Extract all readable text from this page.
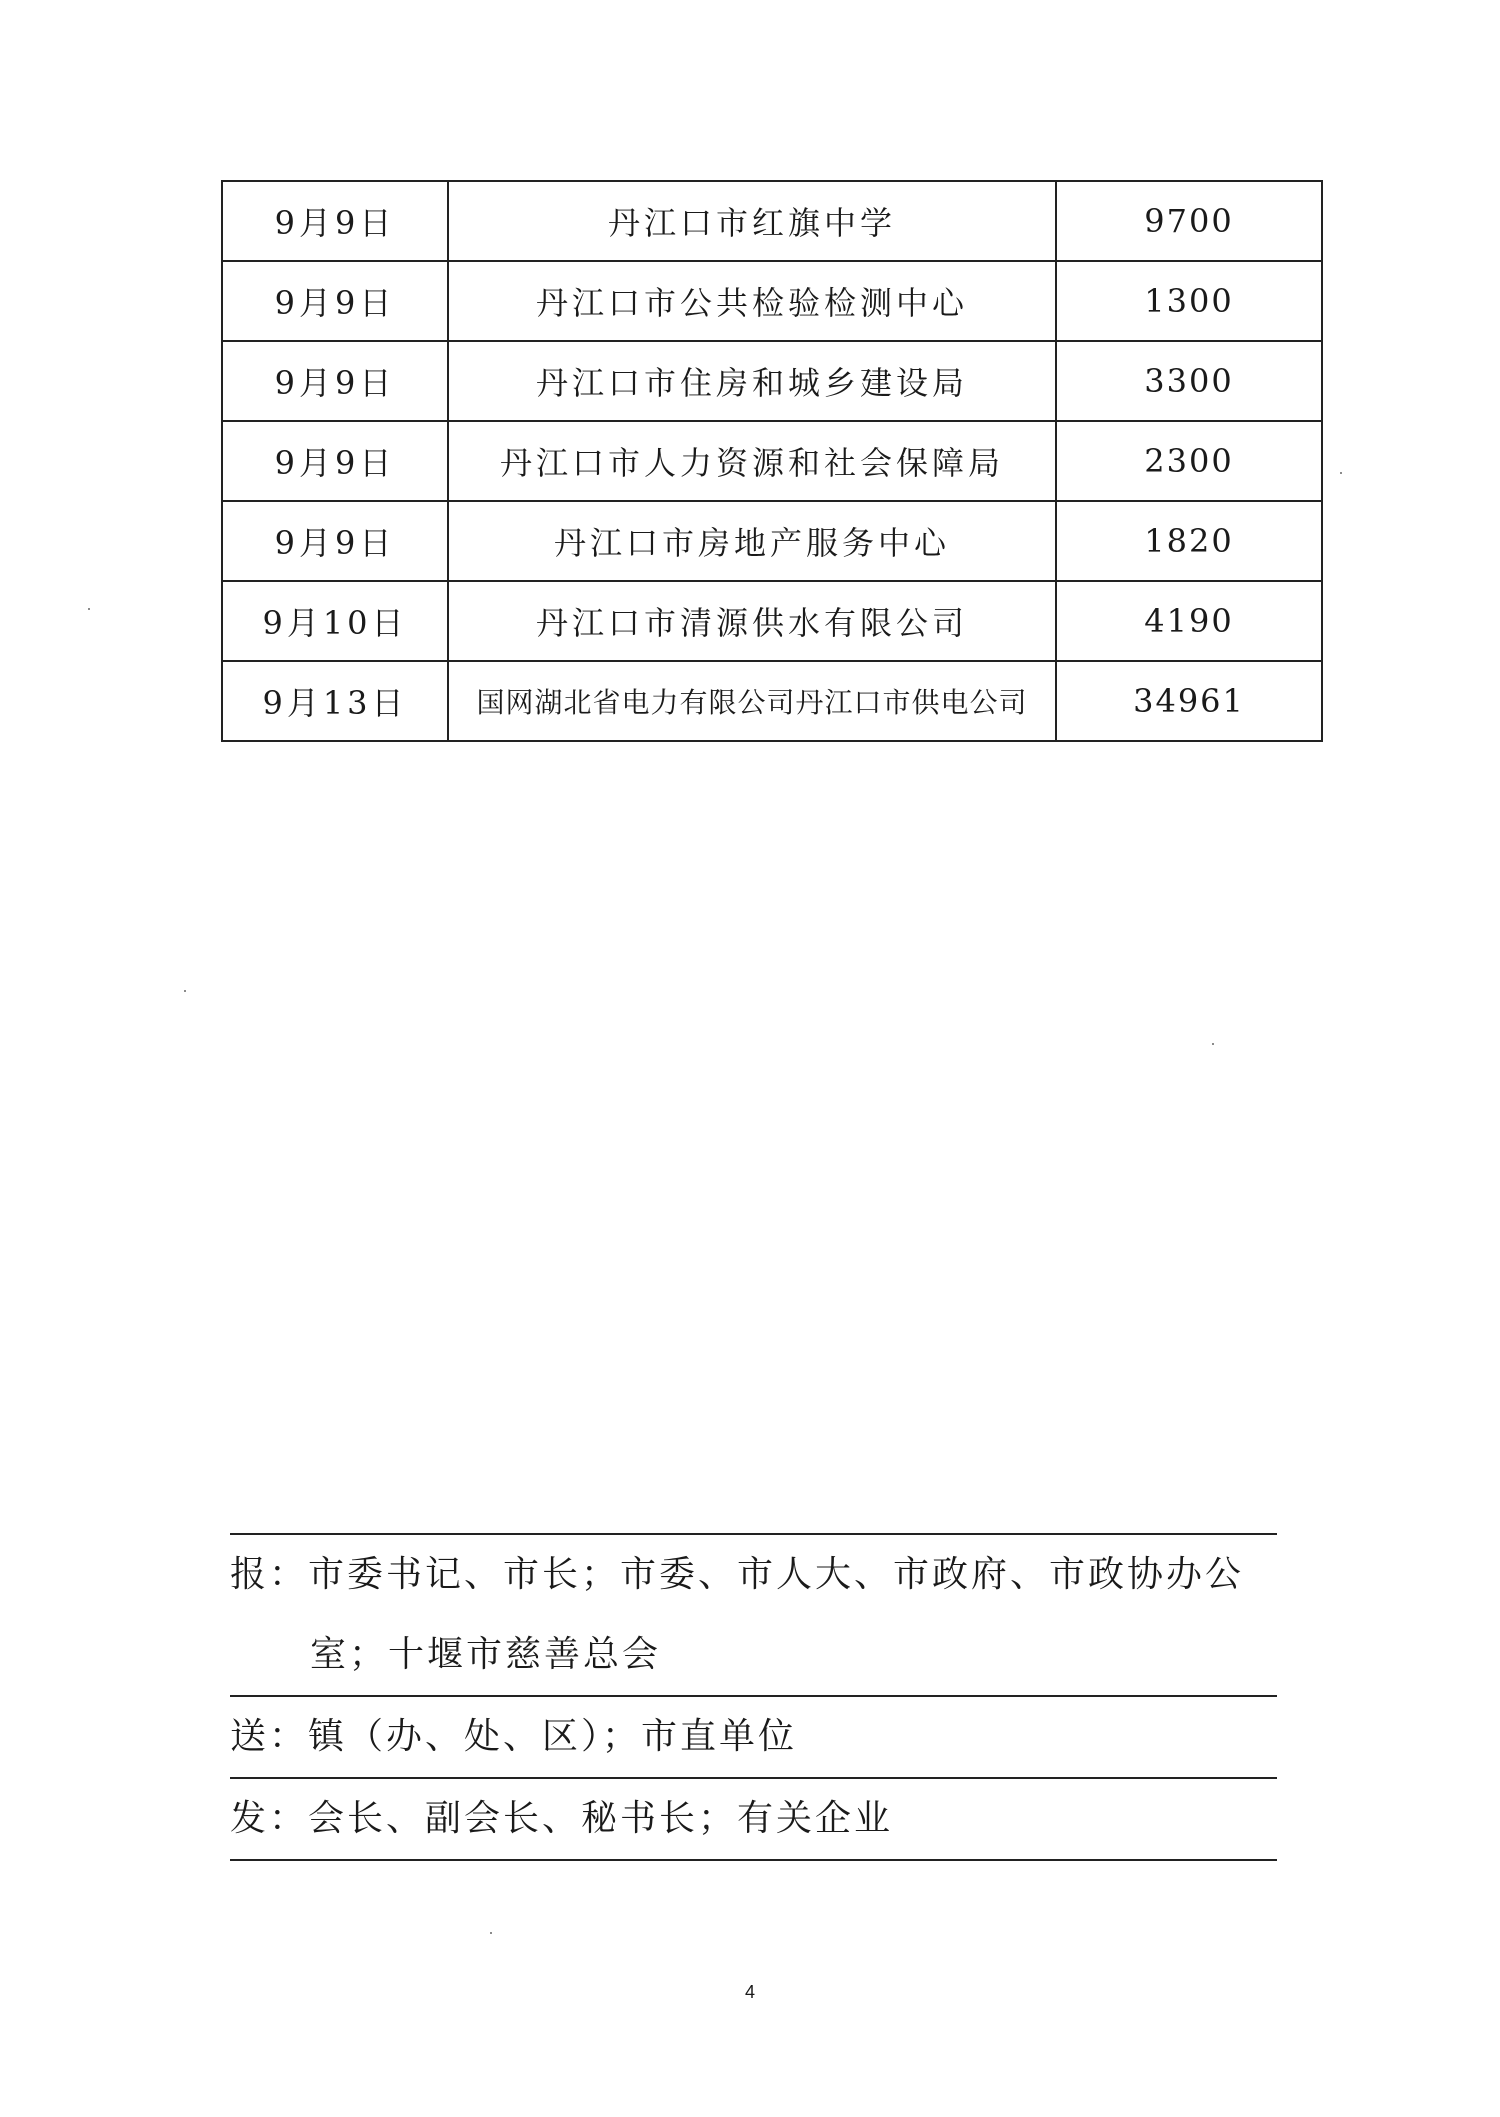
9月9日	丹江口市红旗中学	9700
9月9日	丹江口市公共检验检测中心	1300
9月9日	丹江口市住房和城乡建设局	3300
9月9日	丹江口市人力资源和社会保障局	2300
9月9日	丹江口市房地产服务中心	1820
9月10日	丹江口市清源供水有限公司	4190
9月13日	国网湖北省电力有限公司丹江口市供电公司	34961
报：市委书记、市长；市委、市人大、市政府、市政协办公
室；十堰市慈善总会
送：镇（办、处、区）；市直单位
发：会长、副会长、秘书长；有关企业
4
